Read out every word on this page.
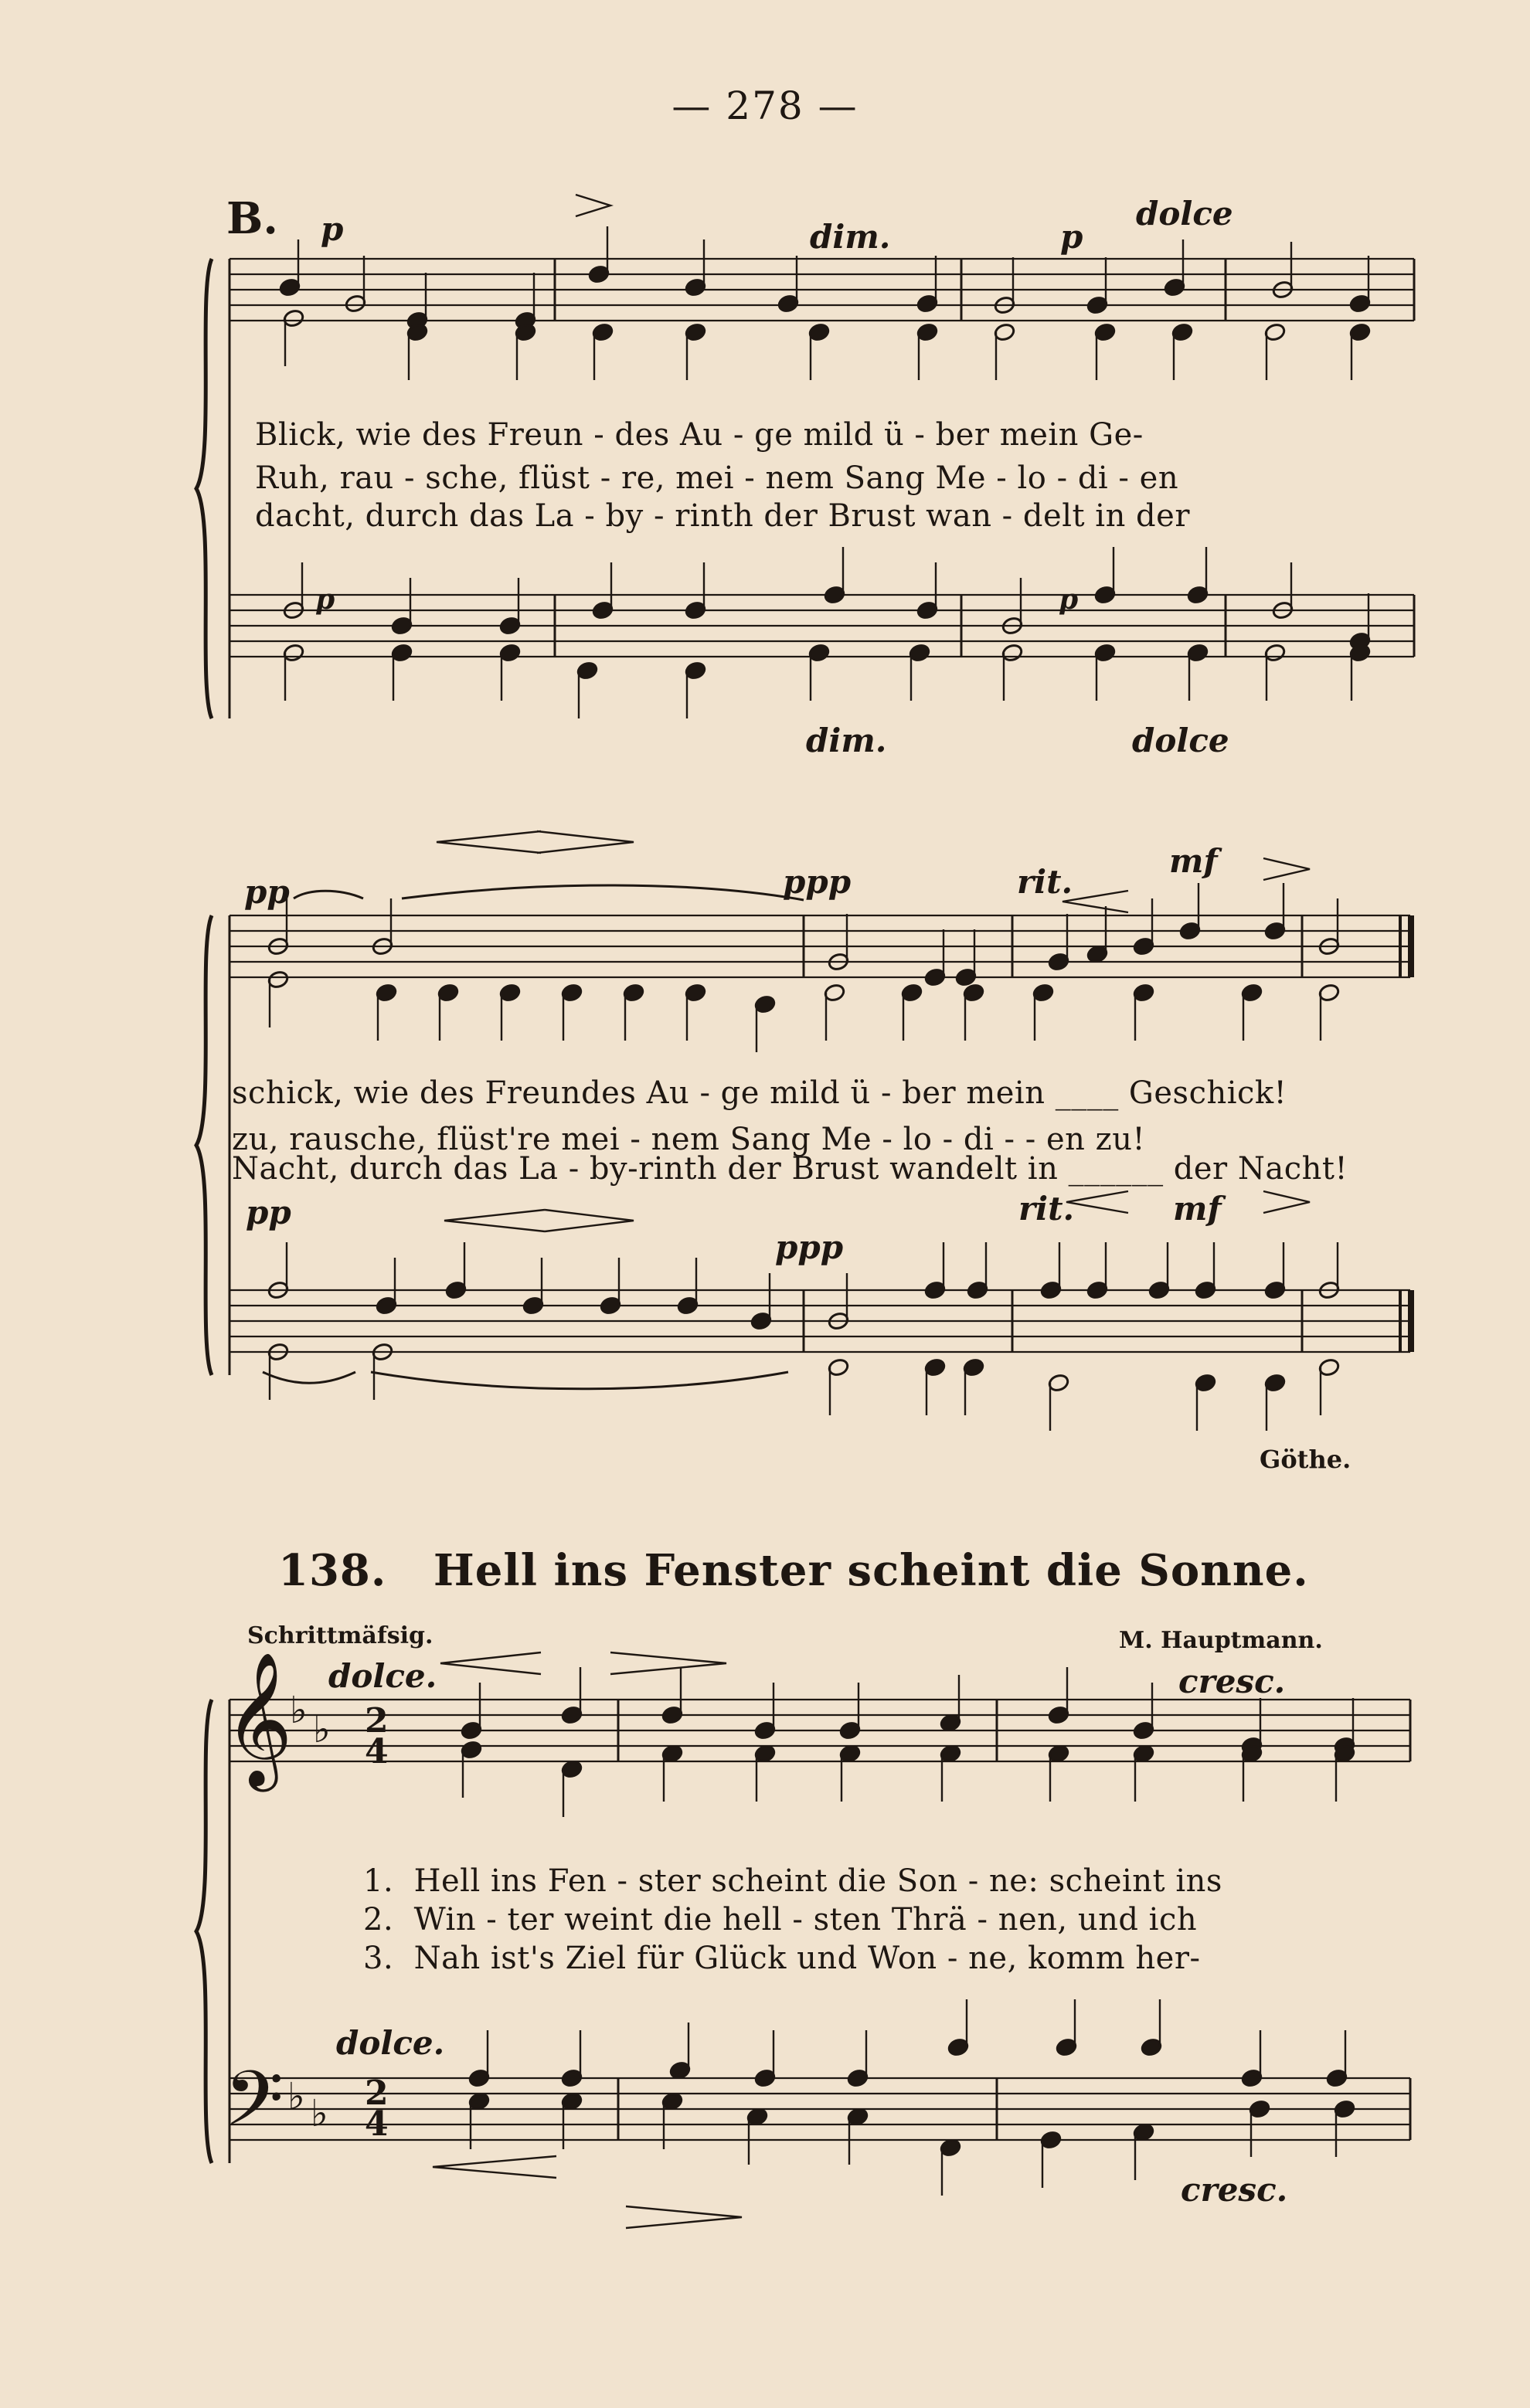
— 278 —
B. p	dim.	p
dolce
Blick, wie des Freun - des Au - ge mild ü - ber mein Ge-
Ruh, rau - sche, flüst - re, mei - nem Sang Me - lo - di - en
dacht, durch das La - by - rinth der Brust wan - delt in der
p	p
dim.	dolce
pp	ppp	rit.
mf
schick, wie des Freundes Au - ge mild ü - ber mein ____ Geschick!
zu, rausche, flüst're mei - nem Sang Me - lo - di - - en zu!
Nacht, durch das La - by-rinth der Brust wandelt in ______ der Nacht!
pp
ppp
rit.	mf
Göthe.
138. Hell ins Fenster scheint die Sonne.
Schrittmäfsig.	M. Hauptmann.
dolce.	cresc.
𝄞
♭ ♭ 2
4
1. Hell ins Fen - ster scheint die Son - ne: scheint ins
2. Win - ter weint die hell - sten Thrä - nen, und ich
3. Nah ist's Ziel für Glück und Won - ne, komm her-
dolce.
cresc.
𝄢 ♭ ♭ 2
4
